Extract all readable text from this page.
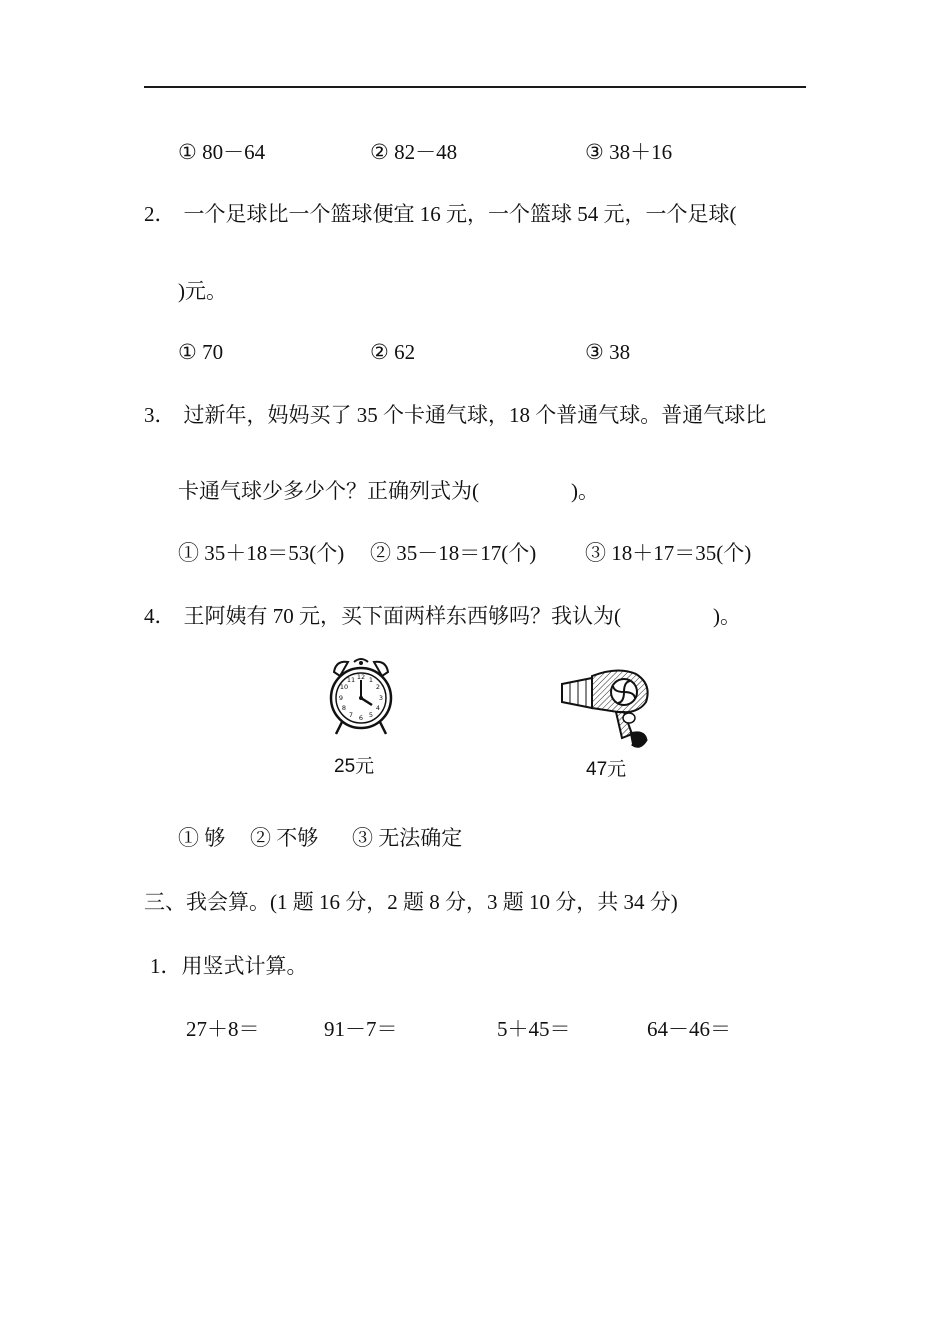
① 80－64	② 82－48	③ 38＋16
2． 一个足球比一个篮球便宜 16 元，一个篮球 54 元，一个足球(
)元。
① 70	② 62	③ 38
3． 过新年，妈妈买了 35 个卡通气球，18 个普通气球。普通气球比
卡通气球少多少个？正确列式为(	)。
① 35＋18＝53(个) ② 35－18＝17(个) ③ 18＋17＝35(个)
4． 王阿姨有 70 元，买下面两样东西够吗？我认为(	)。
12 1
2
3
4
5
6
7
8
9
10
11
25元	47元
① 够 ② 不够 ③ 无法确定
三、我会算。(1 题 16 分，2 题 8 分，3 题 10 分，共 34 分)
1．用竖式计算。
27＋8＝	91－7＝	5＋45＝	64－46＝
